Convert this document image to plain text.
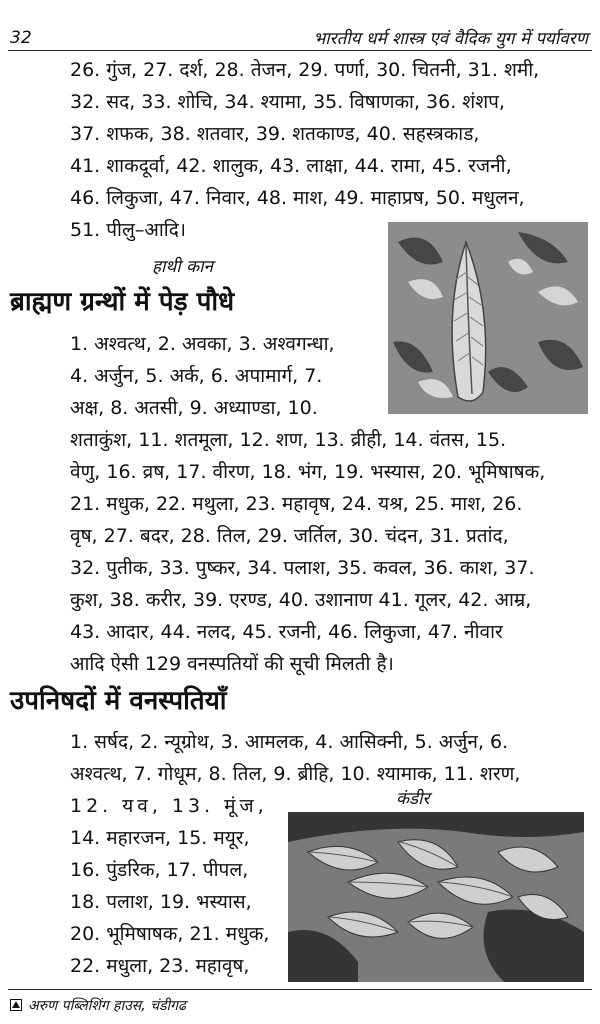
32	भारतीय धर्म शास्त्र एवं वैदिक युग में पर्यावरण
26. गुंज, 27. दर्श, 28. तेजन, 29. पर्णा, 30. चितनी, 31. शमी,
32. सद, 33. शोचि, 34. श्यामा, 35. विषाणका, 36. शंशप,
37. शफक, 38. शतवार, 39. शतकाण्ड, 40. सहस्त्रकाड,
41. शाकदूर्वा, 42. शालुक, 43. लाक्षा, 44. रामा, 45. रजनी,
46. लिकुजा, 47. निवार, 48. माश, 49. माहाप्रष, 50. मधुलन,
51. पीलु–आदि।
हाथी कान
ब्राह्मण ग्रन्थों में पेड़ पौधे
1. अश्वत्थ, 2. अवका, 3. अश्वगन्धा,
4. अर्जुन, 5. अर्क, 6. अपामार्ग, 7.
अक्ष, 8. अतसी, 9. अध्याण्डा, 10.
शताकुंश, 11. शतमूला, 12. शण, 13. व्रीही, 14. वंतस, 15.
वेणु, 16. व्रष, 17. वीरण, 18. भंग, 19. भस्यास, 20. भूमिषाषक,
21. मधुक, 22. मथुला, 23. महावृष, 24. यश्र, 25. माश, 26.
वृष, 27. बदर, 28. तिल, 29. जर्तिल, 30. चंदन, 31. प्रतांद,
32. पुतीक, 33. पुष्कर, 34. पलाश, 35. कवल, 36. काश, 37.
कुश, 38. करीर, 39. एरण्ड, 40. उशानाण 41. गूलर, 42. आम्र,
43. आदार, 44. नलद, 45. रजनी, 46. लिकुजा, 47. नीवार
आदि ऐसी 129 वनस्पतियों की सूची मिलती है।
उपनिषदों में वनस्पतियाँ
1. सर्षद, 2. न्यूग्रोथ, 3. आमलक, 4. आसिक्नी, 5. अर्जुन, 6.
अश्वत्थ, 7. गोधूम, 8. तिल, 9. ब्रीहि, 10. श्यामाक, 11. शरण,
12. यव, 13. मूंज,
14. महारजन, 15. मयूर,
16. पुंडरिक, 17. पीपल,
18. पलाश, 19. भस्यास,
20. भूमिषाषक, 21. मधुक,
22. मधुला, 23. महावृष,
कंडीर
अरुण पब्लिशिंग हाउस, चंडीगढ
